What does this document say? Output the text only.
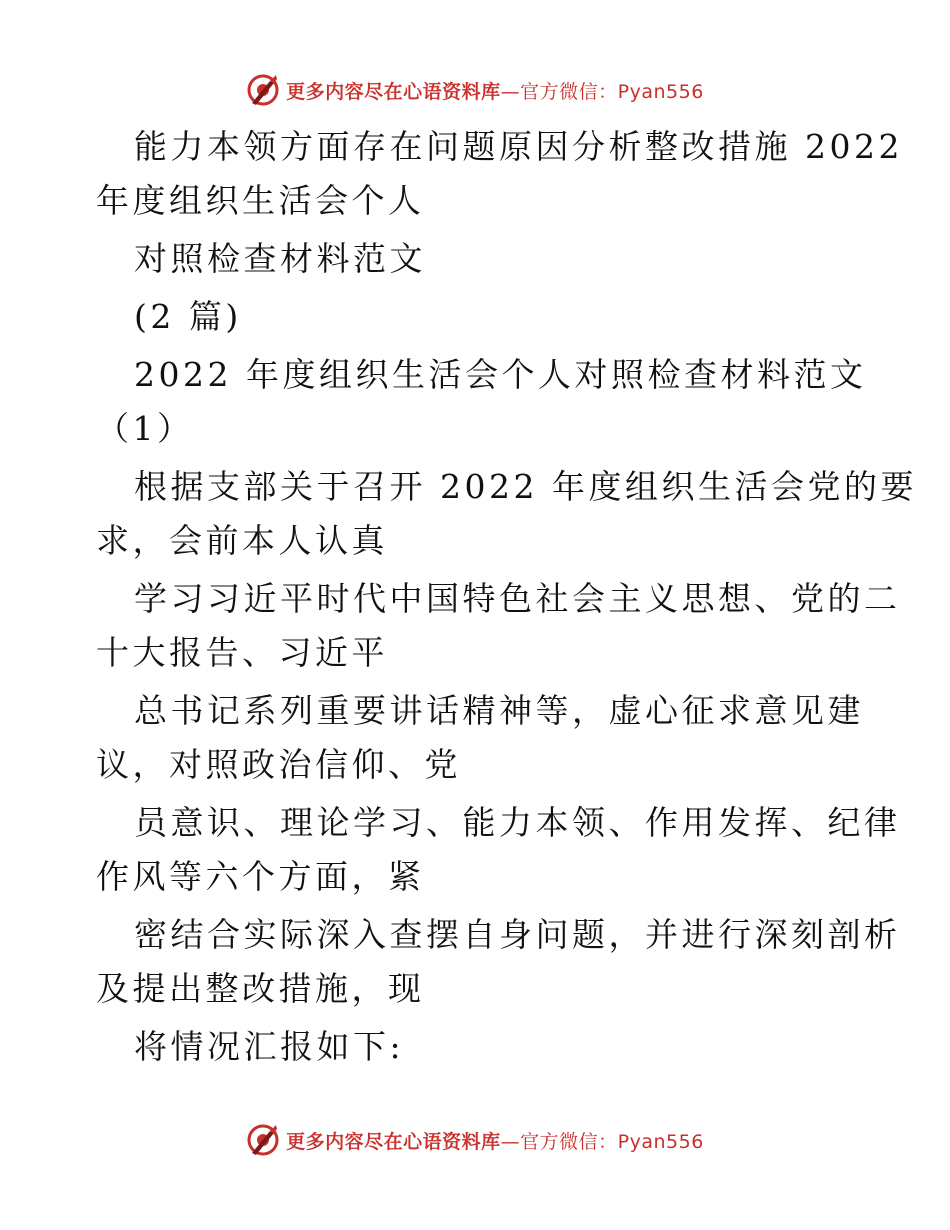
更多内容尽在心语资料库—官方微信：Pyan556
能力本领方面存在问题原因分析整改措施 2022
年度组织生活会个人
对照检查材料范文
(2 篇)
2022 年度组织生活会个人对照检查材料范文
（1）
根据支部关于召开 2022 年度组织生活会党的要
求，会前本人认真
学习习近平时代中国特色社会主义思想、党的二
十大报告、习近平
总书记系列重要讲话精神等，虚心征求意见建
议，对照政治信仰、党
员意识、理论学习、能力本领、作用发挥、纪律
作风等六个方面，紧
密结合实际深入查摆自身问题，并进行深刻剖析
及提出整改措施，现
将情况汇报如下:
更多内容尽在心语资料库—官方微信：Pyan556
